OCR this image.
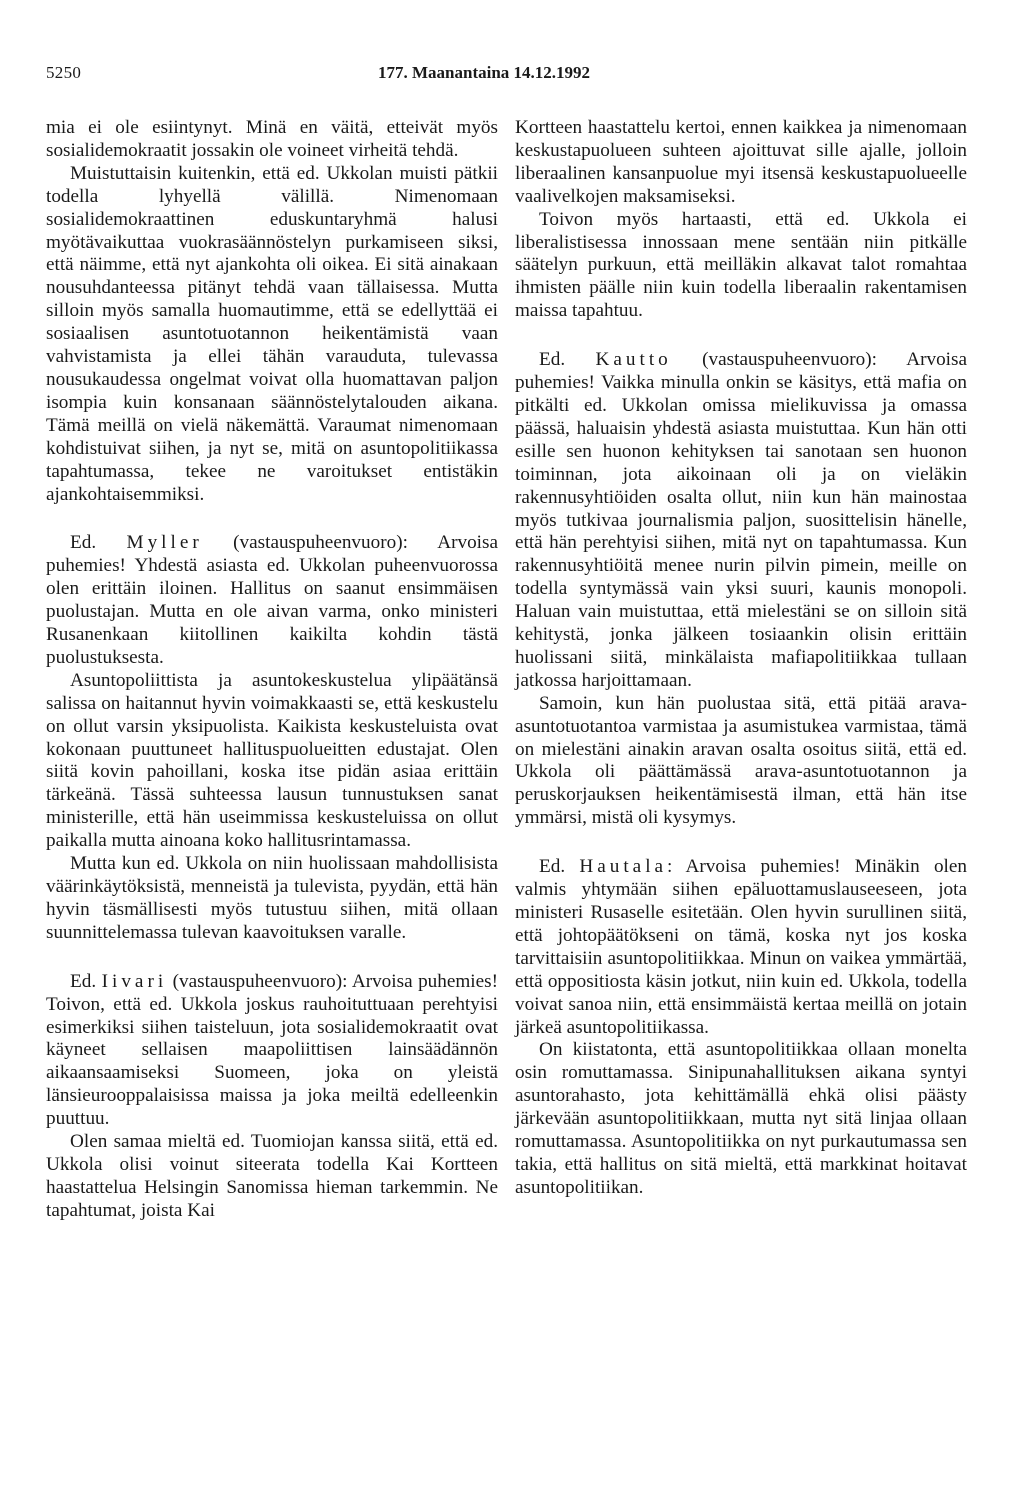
5250	177. Maanantaina 14.12.1992

mia ei ole esiintynyt. Minä en väitä, etteivät myös sosialidemokraatit jossakin ole voineet virheitä tehdä.

Muistuttaisin kuitenkin, että ed. Ukkolan muisti pätkii todella lyhyellä välillä. Nimenomaan sosialidemokraattinen eduskuntaryhmä halusi myötävaikuttaa vuokrasäännöstelyn purkamiseen siksi, että näimme, että nyt ajankohta oli oikea. Ei sitä ainakaan nousuhdanteessa pitänyt tehdä vaan tällaisessa. Mutta silloin myös samalla huomautimme, että se edellyttää ei sosiaalisen asuntotuotannon heikentämistä vaan vahvistamista ja ellei tähän varauduta, tulevassa nousukaudessa ongelmat voivat olla huomattavan paljon isompia kuin konsanaan säännöstelytalouden aikana. Tämä meillä on vielä näkemättä. Varaumat nimenomaan kohdistuivat siihen, ja nyt se, mitä on asuntopolitiikassa tapahtumassa, tekee ne varoitukset entistäkin ajankohtaisemmiksi.

Ed. Myller (vastauspuheenvuoro): Arvoisa puhemies! Yhdestä asiasta ed. Ukkolan puheenvuorossa olen erittäin iloinen. Hallitus on saanut ensimmäisen puolustajan. Mutta en ole aivan varma, onko ministeri Rusanenkaan kiitollinen kaikilta kohdin tästä puolustuksesta.

Asuntopoliittista ja asuntokeskustelua ylipäätänsä salissa on haitannut hyvin voimakkaasti se, että keskustelu on ollut varsin yksipuolista. Kaikista keskusteluista ovat kokonaan puuttuneet hallituspuolueitten edustajat. Olen siitä kovin pahoillani, koska itse pidän asiaa erittäin tärkeänä. Tässä suhteessa lausun tunnustuksen sanat ministerille, että hän useimmissa keskusteluissa on ollut paikalla mutta ainoana koko hallitusrintamassa.

Mutta kun ed. Ukkola on niin huolissaan mahdollisista väärinkäytöksistä, menneistä ja tulevista, pyydän, että hän hyvin täsmällisesti myös tutustuu siihen, mitä ollaan suunnittelemassa tulevan kaavoituksen varalle.

Ed. Iivari (vastauspuheenvuoro): Arvoisa puhemies! Toivon, että ed. Ukkola joskus rauhoituttuaan perehtyisi esimerkiksi siihen taisteluun, jota sosialidemokraatit ovat käyneet sellaisen maapoliittisen lainsäädännön aikaansaamiseksi Suomeen, joka on yleistä länsieurooppalaisissa maissa ja joka meiltä edelleenkin puuttuu.

Olen samaa mieltä ed. Tuomiojan kanssa siitä, että ed. Ukkola olisi voinut siteerata todella Kai Kortteen haastattelua Helsingin Sanomissa hieman tarkemmin. Ne tapahtumat, joista Kai

Kortteen haastattelu kertoi, ennen kaikkea ja nimenomaan keskustapuolueen suhteen ajoittuvat sille ajalle, jolloin liberaalinen kansanpuolue myi itsensä keskustapuolueelle vaalivelkojen maksamiseksi.

Toivon myös hartaasti, että ed. Ukkola ei liberalistisessa innossaan mene sentään niin pitkälle säätelyn purkuun, että meilläkin alkavat talot romahtaa ihmisten päälle niin kuin todella liberaalin rakentamisen maissa tapahtuu.

Ed. Kautto (vastauspuheenvuoro): Arvoisa puhemies! Vaikka minulla onkin se käsitys, että mafia on pitkälti ed. Ukkolan omissa mielikuvissa ja omassa päässä, haluaisin yhdestä asiasta muistuttaa. Kun hän otti esille sen huonon kehityksen tai sanotaan sen huonon toiminnan, jota aikoinaan oli ja on vieläkin rakennusyhtiöiden osalta ollut, niin kun hän mainostaa myös tutkivaa journalismia paljon, suosittelisin hänelle, että hän perehtyisi siihen, mitä nyt on tapahtumassa. Kun rakennusyhtiöitä menee nurin pilvin pimein, meille on todella syntymässä vain yksi suuri, kaunis monopoli. Haluan vain muistuttaa, että mielestäni se on silloin sitä kehitystä, jonka jälkeen tosiaankin olisin erittäin huolissani siitä, minkälaista mafiapolitiikkaa tullaan jatkossa harjoittamaan.

Samoin, kun hän puolustaa sitä, että pitää arava-asuntotuotantoa varmistaa ja asumistukea varmistaa, tämä on mielestäni ainakin aravan osalta osoitus siitä, että ed. Ukkola oli päättämässä arava-asuntotuotannon ja peruskorjauksen heikentämisestä ilman, että hän itse ymmärsi, mistä oli kysymys.

Ed. Hautala: Arvoisa puhemies! Minäkin olen valmis yhtymään siihen epäluottamuslauseeseen, jota ministeri Rusaselle esitetään. Olen hyvin surullinen siitä, että johtopäätökseni on tämä, koska nyt jos koska tarvittaisiin asuntopolitiikkaa. Minun on vaikea ymmärtää, että oppositiosta käsin jotkut, niin kuin ed. Ukkola, todella voivat sanoa niin, että ensimmäistä kertaa meillä on jotain järkeä asuntopolitiikassa.

On kiistatonta, että asuntopolitiikkaa ollaan monelta osin romuttamassa. Sinipunahallituksen aikana syntyi asuntorahasto, jota kehittämällä ehkä olisi päästy järkevään asuntopolitiikkaan, mutta nyt sitä linjaa ollaan romuttamassa. Asuntopolitiikka on nyt purkautumassa sen takia, että hallitus on sitä mieltä, että markkinat hoitavat asuntopolitiikan.
